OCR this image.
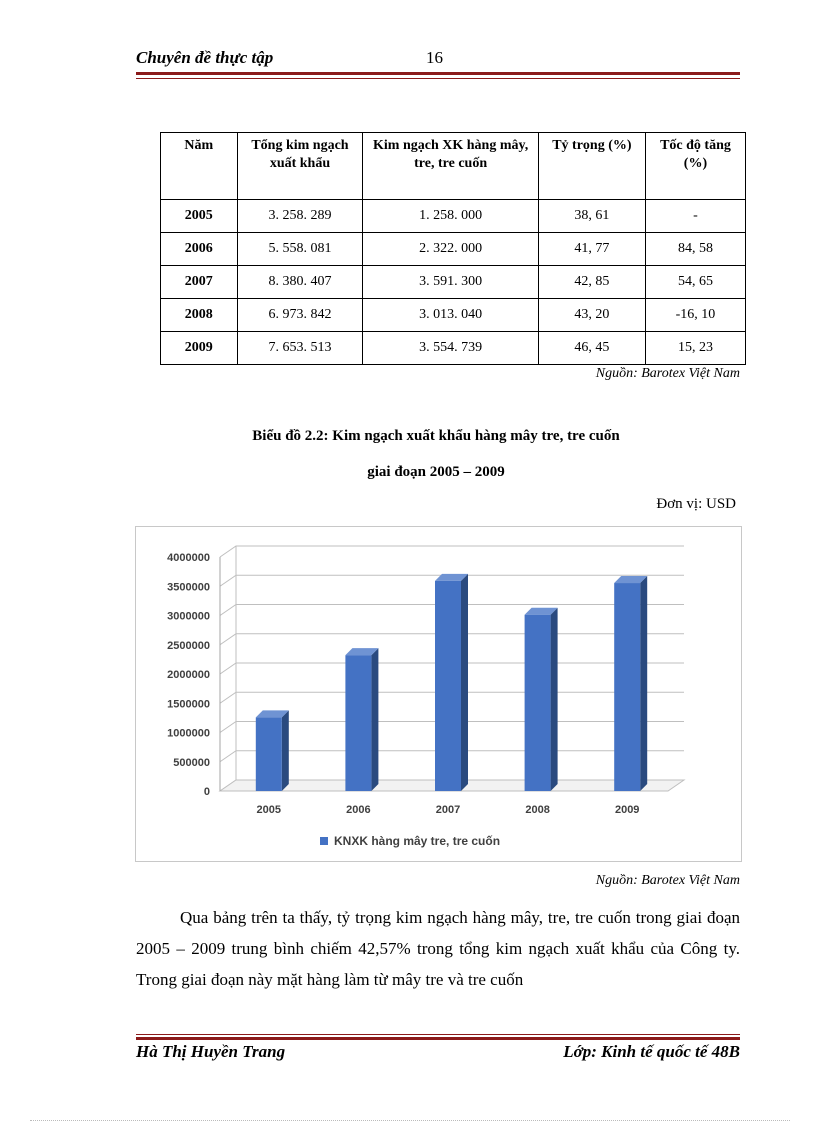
Chuyên đề thực tập	16
Năm	Tổng kim ngạch xuất khẩu	Kim ngạch XK hàng mây, tre, tre cuốn	Tỷ trọng (%)	Tốc độ tăng (%)
2005	3. 258. 289	1. 258. 000	38, 61	-
2006	5. 558. 081	2. 322. 000	41, 77	84, 58
2007	8. 380. 407	3. 591. 300	42, 85	54, 65
2008	6. 973. 842	3. 013. 040	43, 20	-16, 10
2009	7. 653. 513	3. 554. 739	46, 45	15, 23
Nguồn: Barotex Việt Nam
Biểu đồ 2.2: Kim ngạch xuất khẩu hàng mây tre, tre cuốn
giai đoạn 2005 – 2009
Đơn vị: USD
0
500000
1000000
1500000
2000000
2500000
3000000
3500000
4000000
2005	2006	2007	2008	2009
KNXK hàng mây tre, tre cuốn
Nguồn: Barotex Việt Nam

Qua bảng trên ta thấy, tỷ trọng kim ngạch hàng mây, tre, tre cuốn trong giai đoạn 2005 – 2009 trung bình chiếm 42,57% trong tổng kim ngạch xuất khẩu của Công ty. Trong giai đoạn này mặt hàng làm từ mây tre và tre cuốn

Hà Thị Huyền Trang	Lớp: Kinh tế quốc tế 48B
